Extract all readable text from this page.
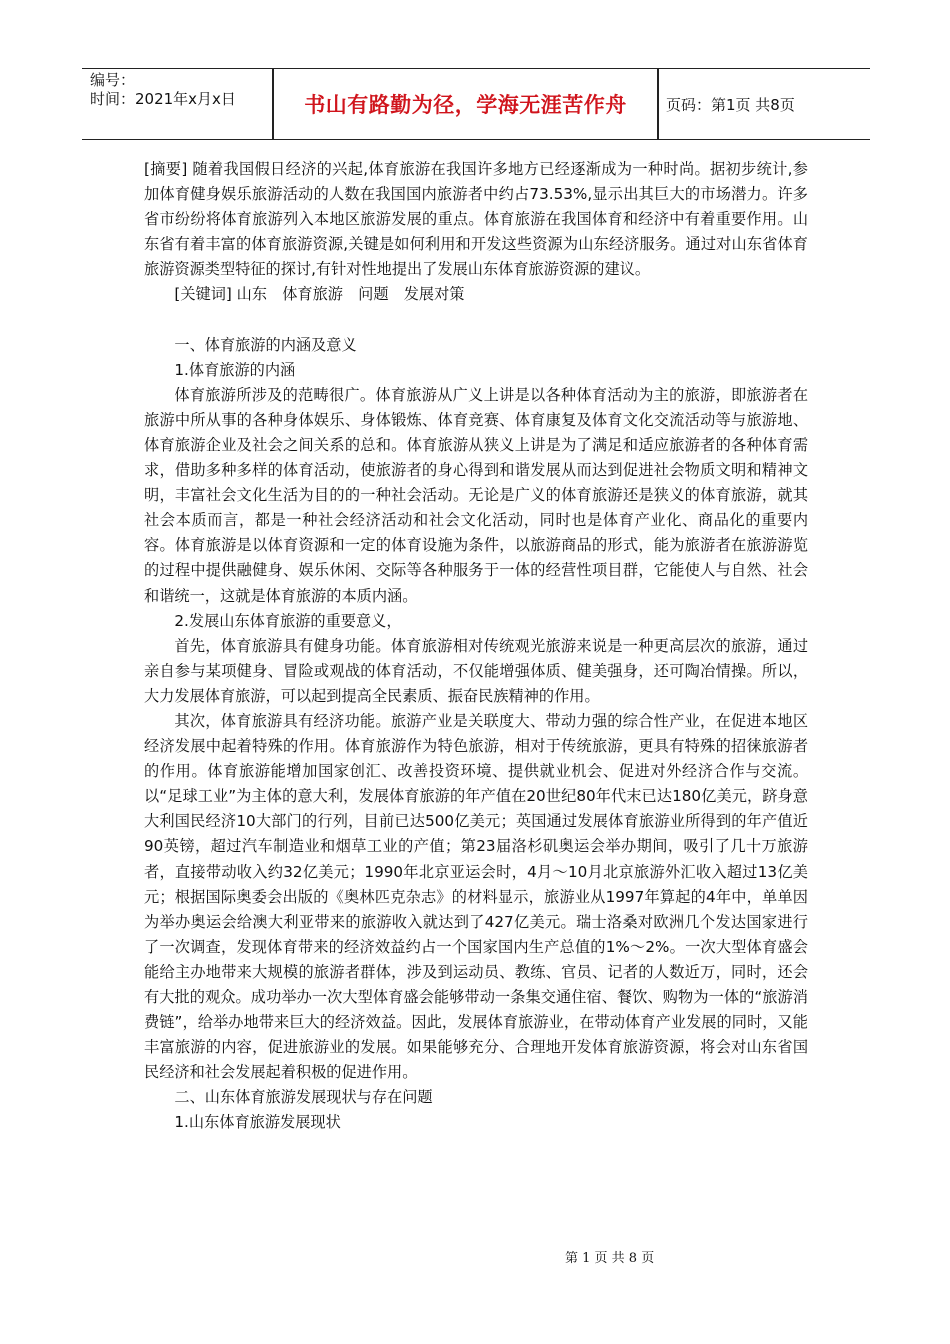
编号：
时间：2021年x月x日	书山有路勤为径，学海无涯苦作舟	页码：第1页 共8页

[摘要] 随着我国假日经济的兴起,体育旅游在我国许多地方已经逐渐成为一种时尚。据初步统计,参加体育健身娱乐旅游活动的人数在我国国内旅游者中约占73.53%,显示出其巨大的市场潜力。许多省市纷纷将体育旅游列入本地区旅游发展的重点。体育旅游在我国体育和经济中有着重要作用。山东省有着丰富的体育旅游资源,关键是如何利用和开发这些资源为山东经济服务。通过对山东省体育旅游资源类型特征的探讨,有针对性地提出了发展山东体育旅游资源的建议。

[关键词] 山东　体育旅游　问题　发展对策

一、体育旅游的内涵及意义

1.体育旅游的内涵

体育旅游所涉及的范畴很广。体育旅游从广义上讲是以各种体育活动为主的旅游，即旅游者在旅游中所从事的各种身体娱乐、身体锻炼、体育竞赛、体育康复及体育文化交流活动等与旅游地、体育旅游企业及社会之间关系的总和。体育旅游从狭义上讲是为了满足和适应旅游者的各种体育需求，借助多种多样的体育活动，使旅游者的身心得到和谐发展从而达到促进社会物质文明和精神文明，丰富社会文化生活为目的的一种社会活动。无论是广义的体育旅游还是狭义的体育旅游，就其社会本质而言，都是一种社会经济活动和社会文化活动，同时也是体育产业化、商品化的重要内容。体育旅游是以体育资源和一定的体育设施为条件，以旅游商品的形式，能为旅游者在旅游游览的过程中提供融健身、娱乐休闲、交际等各种服务于一体的经营性项目群，它能使人与自然、社会和谐统一，这就是体育旅游的本质内涵。

2.发展山东体育旅游的重要意义，

首先，体育旅游具有健身功能。体育旅游相对传统观光旅游来说是一种更高层次的旅游，通过亲自参与某项健身、冒险或观战的体育活动，不仅能增强体质、健美强身，还可陶冶情操。所以，大力发展体育旅游，可以起到提高全民素质、振奋民族精神的作用。

其次，体育旅游具有经济功能。旅游产业是关联度大、带动力强的综合性产业，在促进本地区经济发展中起着特殊的作用。体育旅游作为特色旅游，相对于传统旅游，更具有特殊的招徕旅游者的作用。体育旅游能增加国家创汇、改善投资环境、提供就业机会、促进对外经济合作与交流。以“足球工业”为主体的意大利，发展体育旅游的年产值在20世纪80年代末已达180亿美元，跻身意大利国民经济10大部门的行列，目前已达500亿美元；英国通过发展体育旅游业所得到的年产值近90英镑，超过汽车制造业和烟草工业的产值；第23届洛杉矶奥运会举办期间，吸引了几十万旅游者，直接带动收入约32亿美元；1990年北京亚运会时，4月～10月北京旅游外汇收入超过13亿美元；根据国际奥委会出版的《奥林匹克杂志》的材料显示，旅游业从1997年算起的4年中，单单因为举办奥运会给澳大利亚带来的旅游收入就达到了427亿美元。瑞士洛桑对欧洲几个发达国家进行了一次调查，发现体育带来的经济效益约占一个国家国内生产总值的1%～2%。一次大型体育盛会能给主办地带来大规模的旅游者群体，涉及到运动员、教练、官员、记者的人数近万，同时，还会有大批的观众。成功举办一次大型体育盛会能够带动一条集交通住宿、餐饮、购物为一体的“旅游消费链”，给举办地带来巨大的经济效益。因此，发展体育旅游业，在带动体育产业发展的同时，又能丰富旅游的内容，促进旅游业的发展。如果能够充分、合理地开发体育旅游资源，将会对山东省国民经济和社会发展起着积极的促进作用。

二、山东体育旅游发展现状与存在问题

1.山东体育旅游发展现状

第 1 页 共 8 页
